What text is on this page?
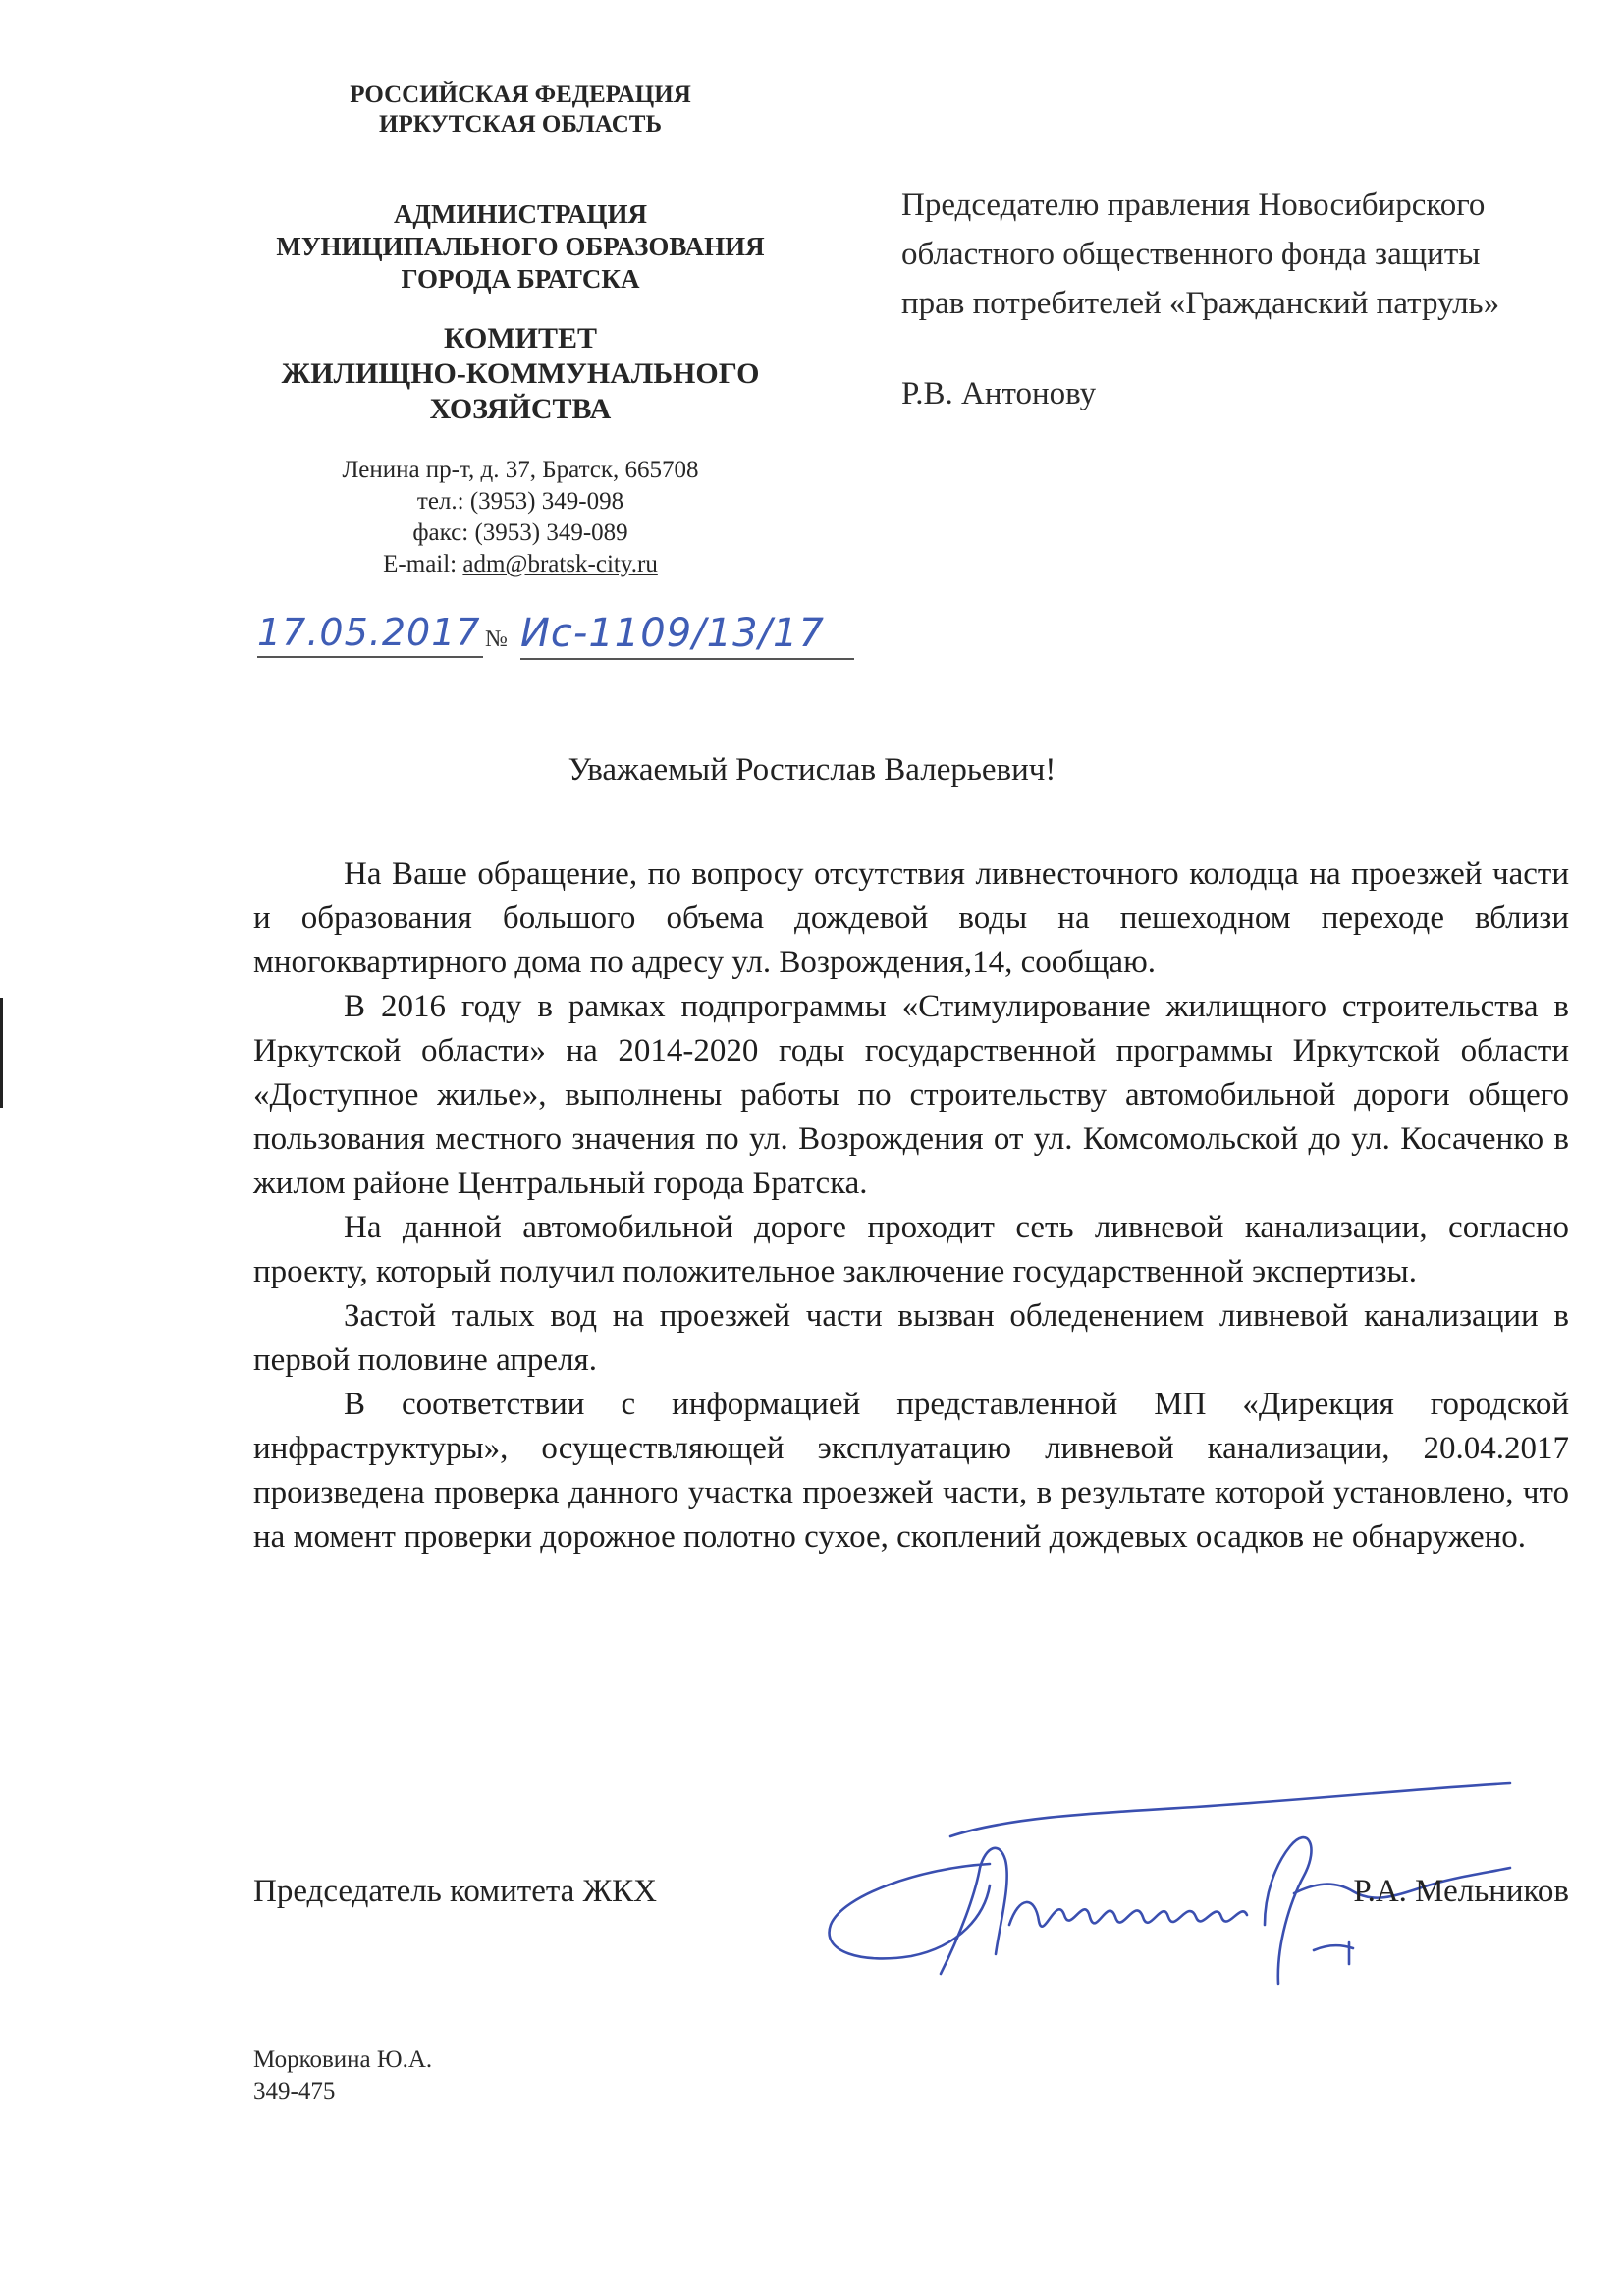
РОССИЙСКАЯ ФЕДЕРАЦИЯ

ИРКУТСКАЯ ОБЛАСТЬ

АДМИНИСТРАЦИЯ

МУНИЦИПАЛЬНОГО ОБРАЗОВАНИЯ

ГОРОДА БРАТСКА

КОМИТЕТ

ЖИЛИЩНО-КОММУНАЛЬНОГО

ХОЗЯЙСТВА

Ленина пр-т, д. 37, Братск, 665708
тел.: (3953) 349-098
факс: (3953) 349-089
E-mail: adm@bratsk-city.ru
17.05.2017 № Ис-1109/13/17

Председателю правления Новосибирского

областного общественного фонда защиты

прав потребителей «Гражданский патруль»

Р.В. Антонову

Уважаемый Ростислав Валерьевич!

На Ваше обращение, по вопросу отсутствия ливнесточного колодца на проезжей части и образования большого объема дождевой воды на пешеходном переходе вблизи многоквартирного дома по адресу ул. Возрождения,14, сообщаю.

В 2016 году в рамках подпрограммы «Стимулирование жилищного строительства в Иркутской области» на 2014-2020 годы государственной программы Иркутской области «Доступное жилье», выполнены работы по строительству автомобильной дороги общего пользования местного значения по ул. Возрождения от ул. Комсомольской до ул. Косаченко в жилом районе Центральный города Братска.

На данной автомобильной дороге проходит сеть ливневой канализации, согласно проекту, который получил положительное заключение государственной экспертизы.

Застой талых вод на проезжей части вызван обледенением ливневой канализации в первой половине апреля.

В соответствии с информацией представленной МП «Дирекция городской инфраструктуры», осуществляющей эксплуатацию ливневой канализации, 20.04.2017 произведена проверка данного участка проезжей части, в результате которой установлено, что на момент проверки дорожное полотно сухое, скоплений дождевых осадков не обнаружено.

Председатель комитета ЖКХ	Р.А. Мельников
Морковина Ю.А.
349-475
